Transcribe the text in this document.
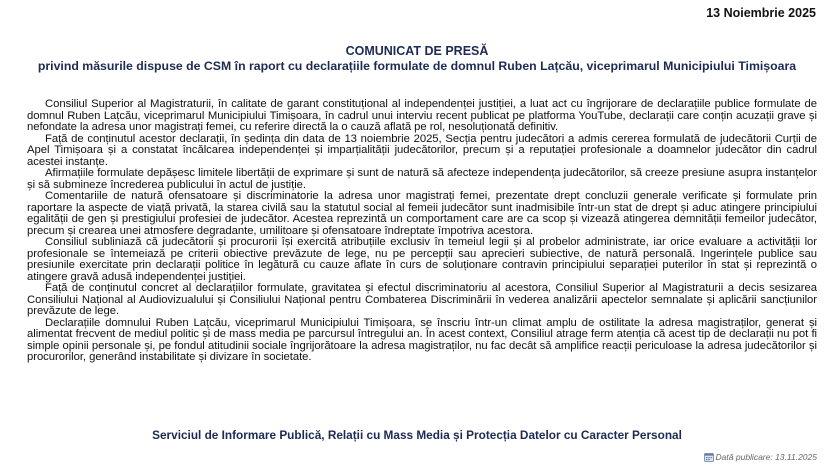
13 Noiembrie 2025
COMUNICAT DE PRESĂ
privind măsurile dispuse de CSM în raport cu declarațiile formulate de domnul Ruben Lațcău, viceprimarul Municipiului Timișoara

Consiliul Superior al Magistraturii, în calitate de garant constituțional al independenței justiției, a luat act cu îngrijorare de declarațiile publice formulate de domnul Ruben Lațcău, viceprimarul Municipiului Timișoara, în cadrul unui interviu recent publicat pe platforma YouTube, declarații care conțin acuzații grave și nefondate la adresa unor magistrați femei, cu referire directă la o cauză aflată pe rol, nesoluționată definitiv.

Față de conținutul acestor declarații, în ședința din data de 13 noiembrie 2025, Secția pentru judecători a admis cererea formulată de judecătorii Curții de Apel Timișoara și a constatat încălcarea independenței și imparțialității judecătorilor, precum și a reputației profesionale a doamnelor judecător din cadrul acestei instanțe.

Afirmațiile formulate depășesc limitele libertății de exprimare și sunt de natură să afecteze independența judecătorilor, să creeze presiune asupra instanțelor și să submineze încrederea publicului în actul de justiție.

Comentariile de natură ofensatoare și discriminatorie la adresa unor magistrați femei, prezentate drept concluzii generale verificate și formulate prin raportare la aspecte de viață privată, la starea civilă sau la statutul social al femeii judecător sunt inadmisibile într-un stat de drept și aduc atingere principiului egalității de gen și prestigiului profesiei de judecător. Acestea reprezintă un comportament care are ca scop și vizează atingerea demnității femeilor judecător, precum și crearea unei atmosfere degradante, umilitoare și ofensatoare îndreptate împotriva acestora.

Consiliul subliniază că judecătorii și procurorii își exercită atribuțiile exclusiv în temeiul legii și al probelor administrate, iar orice evaluare a activității lor profesionale se întemeiază pe criterii obiective prevăzute de lege, nu pe percepții sau aprecieri subiective, de natură personală. Ingerințele publice sau presiunile exercitate prin declarații politice în legătură cu cauze aflate în curs de soluționare contravin principiului separației puterilor în stat și reprezintă o atingere gravă adusă independenței justiției.

Față de conținutul concret al declarațiilor formulate, gravitatea și efectul discriminatoriu al acestora, Consiliul Superior al Magistraturii a decis sesizarea Consiliului Național al Audiovizualului și Consiliului Național pentru Combaterea Discriminării în vederea analizării apectelor semnalate și aplicării sancțiunilor prevăzute de lege.

Declarațiile domnului Ruben Lațcău, viceprimarul Municipiului Timișoara, se înscriu într-un climat amplu de ostilitate la adresa magistraților, generat și alimentat frecvent de mediul politic și de mass media pe parcursul întregului an. În acest context, Consiliul atrage ferm atenția că acest tip de declarații nu pot fi simple opinii personale și, pe fondul atitudinii sociale îngrijorătoare la adresa magistraților, nu fac decât să amplifice reacții periculoase la adresa judecătorilor și procurorilor, generând instabilitate și divizare în societate.

Serviciul de Informare Publică, Relații cu Mass Media și Protecția Datelor cu Caracter Personal
Dată publicare: 13.11.2025
